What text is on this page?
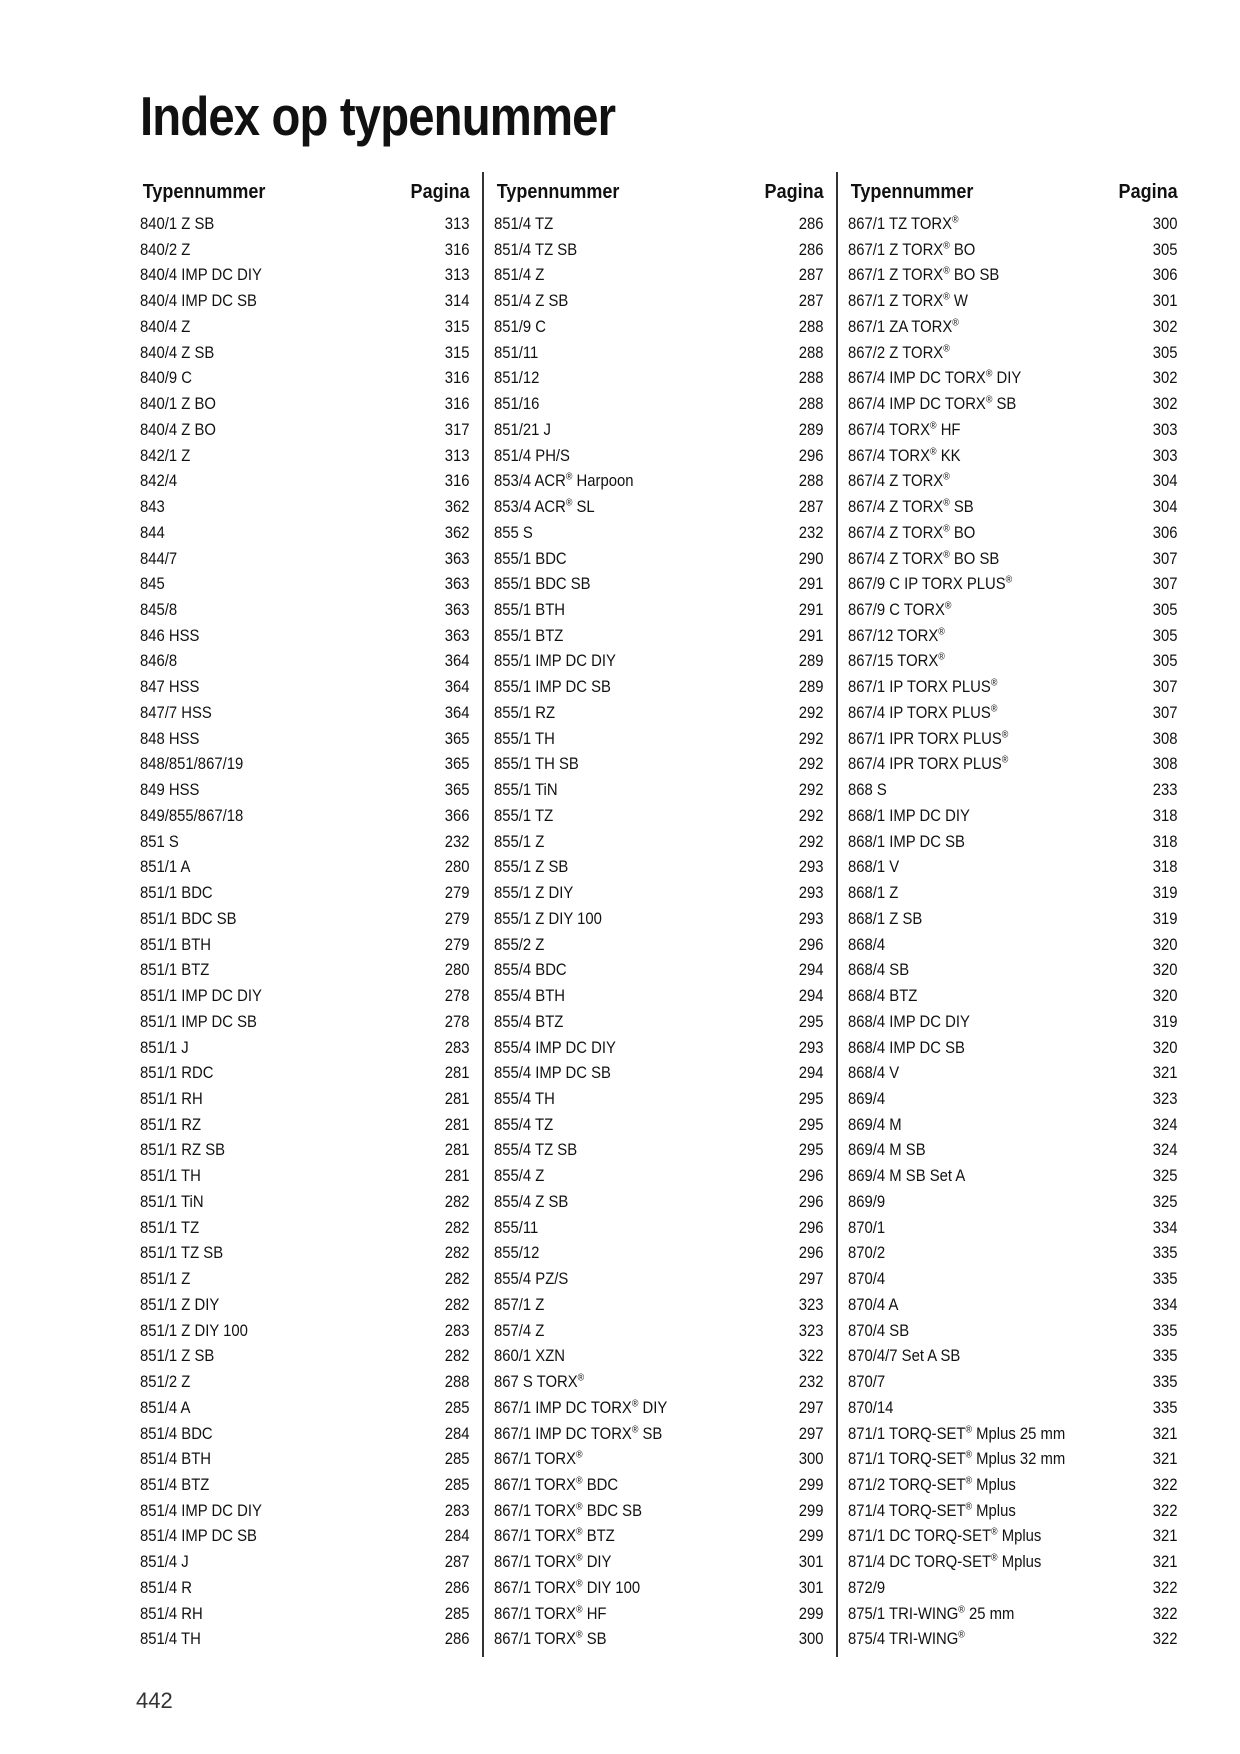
Index op typenummer
Typennummer	Pagina
840/1 Z SB	313
840/2 Z	316
840/4 IMP DC DIY	313
840/4 IMP DC SB	314
840/4 Z	315
840/4 Z SB	315
840/9 C	316
840/1 Z BO	316
840/4 Z BO	317
842/1 Z	313
842/4	316
843	362
844	362
844/7	363
845	363
845/8	363
846 HSS	363
846/8	364
847 HSS	364
847/7 HSS	364
848 HSS	365
848/851/867/19	365
849 HSS	365
849/855/867/18	366
851 S	232
851/1 A	280
851/1 BDC	279
851/1 BDC SB	279
851/1 BTH	279
851/1 BTZ	280
851/1 IMP DC DIY	278
851/1 IMP DC SB	278
851/1 J	283
851/1 RDC	281
851/1 RH	281
851/1 RZ	281
851/1 RZ SB	281
851/1 TH	281
851/1 TiN	282
851/1 TZ	282
851/1 TZ SB	282
851/1 Z	282
851/1 Z DIY	282
851/1 Z DIY 100	283
851/1 Z SB	282
851/2 Z	288
851/4 A	285
851/4 BDC	284
851/4 BTH	285
851/4 BTZ	285
851/4 IMP DC DIY	283
851/4 IMP DC SB	284
851/4 J	287
851/4 R	286
851/4 RH	285
851/4 TH	286
Typennummer	Pagina
851/4 TZ	286
851/4 TZ SB	286
851/4 Z	287
851/4 Z SB	287
851/9 C	288
851/11	288
851/12	288
851/16	288
851/21 J	289
851/4 PH/S	296
853/4 ACR® Harpoon	288
853/4 ACR® SL	287
855 S	232
855/1 BDC	290
855/1 BDC SB	291
855/1 BTH	291
855/1 BTZ	291
855/1 IMP DC DIY	289
855/1 IMP DC SB	289
855/1 RZ	292
855/1 TH	292
855/1 TH SB	292
855/1 TiN	292
855/1 TZ	292
855/1 Z	292
855/1 Z SB	293
855/1 Z DIY	293
855/1 Z DIY 100	293
855/2 Z	296
855/4 BDC	294
855/4 BTH	294
855/4 BTZ	295
855/4 IMP DC DIY	293
855/4 IMP DC SB	294
855/4 TH	295
855/4 TZ	295
855/4 TZ SB	295
855/4 Z	296
855/4 Z SB	296
855/11	296
855/12	296
855/4 PZ/S	297
857/1 Z	323
857/4 Z	323
860/1 XZN	322
867 S TORX®	232
867/1 IMP DC TORX® DIY	297
867/1 IMP DC TORX® SB	297
867/1 TORX®	300
867/1 TORX® BDC	299
867/1 TORX® BDC SB	299
867/1 TORX® BTZ	299
867/1 TORX® DIY	301
867/1 TORX® DIY 100	301
867/1 TORX® HF	299
867/1 TORX® SB	300
Typennummer	Pagina
867/1 TZ TORX®	300
867/1 Z TORX® BO	305
867/1 Z TORX® BO SB	306
867/1 Z TORX® W	301
867/1 ZA TORX®	302
867/2 Z TORX®	305
867/4 IMP DC TORX® DIY	302
867/4 IMP DC TORX® SB	302
867/4 TORX® HF	303
867/4 TORX® KK	303
867/4 Z TORX®	304
867/4 Z TORX® SB	304
867/4 Z TORX® BO	306
867/4 Z TORX® BO SB	307
867/9 C IP TORX PLUS®	307
867/9 C TORX®	305
867/12 TORX®	305
867/15 TORX®	305
867/1 IP TORX PLUS®	307
867/4 IP TORX PLUS®	307
867/1 IPR TORX PLUS®	308
867/4 IPR TORX PLUS®	308
868 S	233
868/1 IMP DC DIY	318
868/1 IMP DC SB	318
868/1 V	318
868/1 Z	319
868/1 Z SB	319
868/4	320
868/4 SB	320
868/4 BTZ	320
868/4 IMP DC DIY	319
868/4 IMP DC SB	320
868/4 V	321
869/4	323
869/4 M	324
869/4 M SB	324
869/4 M SB Set A	325
869/9	325
870/1	334
870/2	335
870/4	335
870/4 A	334
870/4 SB	335
870/4/7 Set A SB	335
870/7	335
870/14	335
871/1 TORQ-SET® Mplus 25 mm	321
871/1 TORQ-SET® Mplus 32 mm	321
871/2 TORQ-SET® Mplus	322
871/4 TORQ-SET® Mplus	322
871/1 DC TORQ-SET® Mplus	321
871/4 DC TORQ-SET® Mplus	321
872/9	322
875/1 TRI-WING® 25 mm	322
875/4 TRI-WING®	322
442
